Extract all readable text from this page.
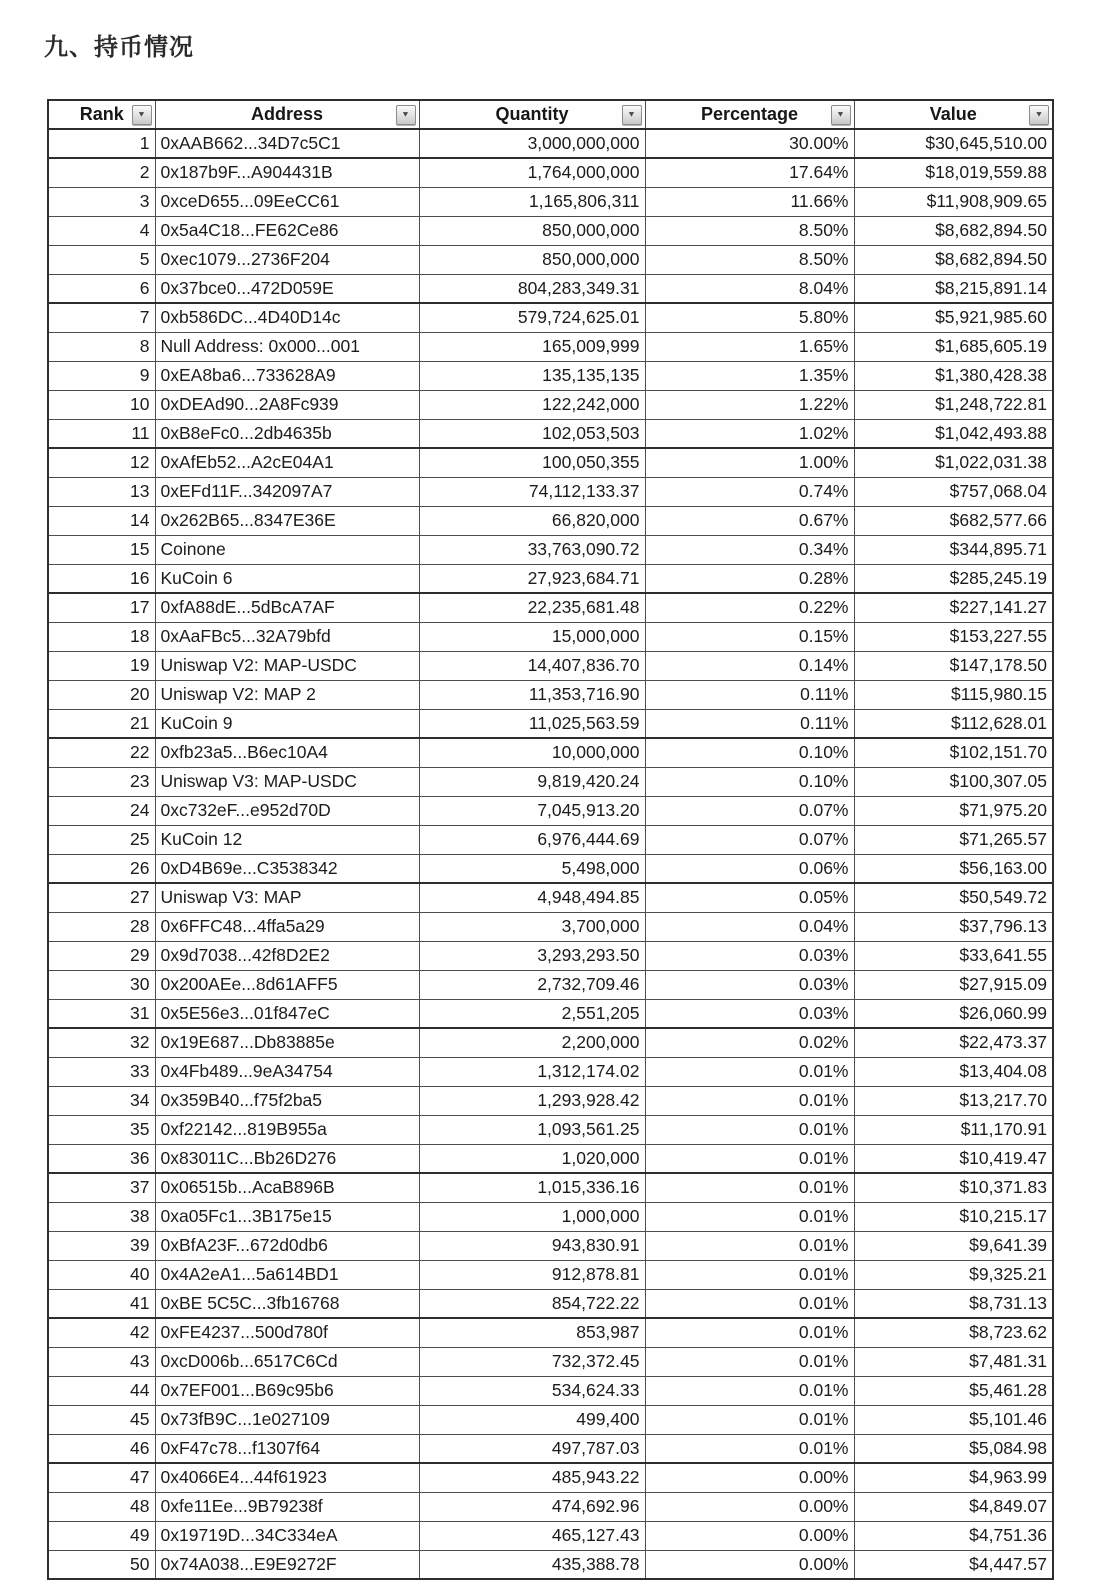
九、持币情况
Rank ▼	Address ▼	Quantity ▼	Percentage ▼	Value ▼

1	0xAAB662...34D7c5C1	3,000,000,000	30.00%	$30,645,510.00
2	0x187b9F...A904431B	1,764,000,000	17.64%	$18,019,559.88
3	0xceD655...09EeCC61	1,165,806,311	11.66%	$11,908,909.65
4	0x5a4C18...FE62Ce86	850,000,000	8.50%	$8,682,894.50
5	0xec1079...2736F204	850,000,000	8.50%	$8,682,894.50
6	0x37bce0...472D059E	804,283,349.31	8.04%	$8,215,891.14
7	0xb586DC...4D40D14c	579,724,625.01	5.80%	$5,921,985.60
8	Null Address: 0x000...001	165,009,999	1.65%	$1,685,605.19
9	0xEA8ba6...733628A9	135,135,135	1.35%	$1,380,428.38
10	0xDEAd90...2A8Fc939	122,242,000	1.22%	$1,248,722.81
11	0xB8eFc0...2db4635b	102,053,503	1.02%	$1,042,493.88
12	0xAfEb52...A2cE04A1	100,050,355	1.00%	$1,022,031.38
13	0xEFd11F...342097A7	74,112,133.37	0.74%	$757,068.04
14	0x262B65...8347E36E	66,820,000	0.67%	$682,577.66
15	Coinone	33,763,090.72	0.34%	$344,895.71
16	KuCoin 6	27,923,684.71	0.28%	$285,245.19
17	0xfA88dE...5dBcA7AF	22,235,681.48	0.22%	$227,141.27
18	0xAaFBc5...32A79bfd	15,000,000	0.15%	$153,227.55
19	Uniswap V2: MAP-USDC	14,407,836.70	0.14%	$147,178.50
20	Uniswap V2: MAP 2	11,353,716.90	0.11%	$115,980.15
21	KuCoin 9	11,025,563.59	0.11%	$112,628.01
22	0xfb23a5...B6ec10A4	10,000,000	0.10%	$102,151.70
23	Uniswap V3: MAP-USDC	9,819,420.24	0.10%	$100,307.05
24	0xc732eF...e952d70D	7,045,913.20	0.07%	$71,975.20
25	KuCoin 12	6,976,444.69	0.07%	$71,265.57
26	0xD4B69e...C3538342	5,498,000	0.06%	$56,163.00
27	Uniswap V3: MAP	4,948,494.85	0.05%	$50,549.72
28	0x6FFC48...4ffa5a29	3,700,000	0.04%	$37,796.13
29	0x9d7038...42f8D2E2	3,293,293.50	0.03%	$33,641.55
30	0x200AEe...8d61AFF5	2,732,709.46	0.03%	$27,915.09
31	0x5E56e3...01f847eC	2,551,205	0.03%	$26,060.99
32	0x19E687...Db83885e	2,200,000	0.02%	$22,473.37
33	0x4Fb489...9eA34754	1,312,174.02	0.01%	$13,404.08
34	0x359B40...f75f2ba5	1,293,928.42	0.01%	$13,217.70
35	0xf22142...819B955a	1,093,561.25	0.01%	$11,170.91
36	0x83011C...Bb26D276	1,020,000	0.01%	$10,419.47
37	0x06515b...AcaB896B	1,015,336.16	0.01%	$10,371.83
38	0xa05Fc1...3B175e15	1,000,000	0.01%	$10,215.17
39	0xBfA23F...672d0db6	943,830.91	0.01%	$9,641.39
40	0x4A2eA1...5a614BD1	912,878.81	0.01%	$9,325.21
41	0xBE 5C5C...3fb16768	854,722.22	0.01%	$8,731.13
42	0xFE4237...500d780f	853,987	0.01%	$8,723.62
43	0xcD006b...6517C6Cd	732,372.45	0.01%	$7,481.31
44	0x7EF001...B69c95b6	534,624.33	0.01%	$5,461.28
45	0x73fB9C...1e027109	499,400	0.01%	$5,101.46
46	0xF47c78...f1307f64	497,787.03	0.01%	$5,084.98
47	0x4066E4...44f61923	485,943.22	0.00%	$4,963.99
48	0xfe11Ee...9B79238f	474,692.96	0.00%	$4,849.07
49	0x19719D...34C334eA	465,127.43	0.00%	$4,751.36
50	0x74A038...E9E9272F	435,388.78	0.00%	$4,447.57
